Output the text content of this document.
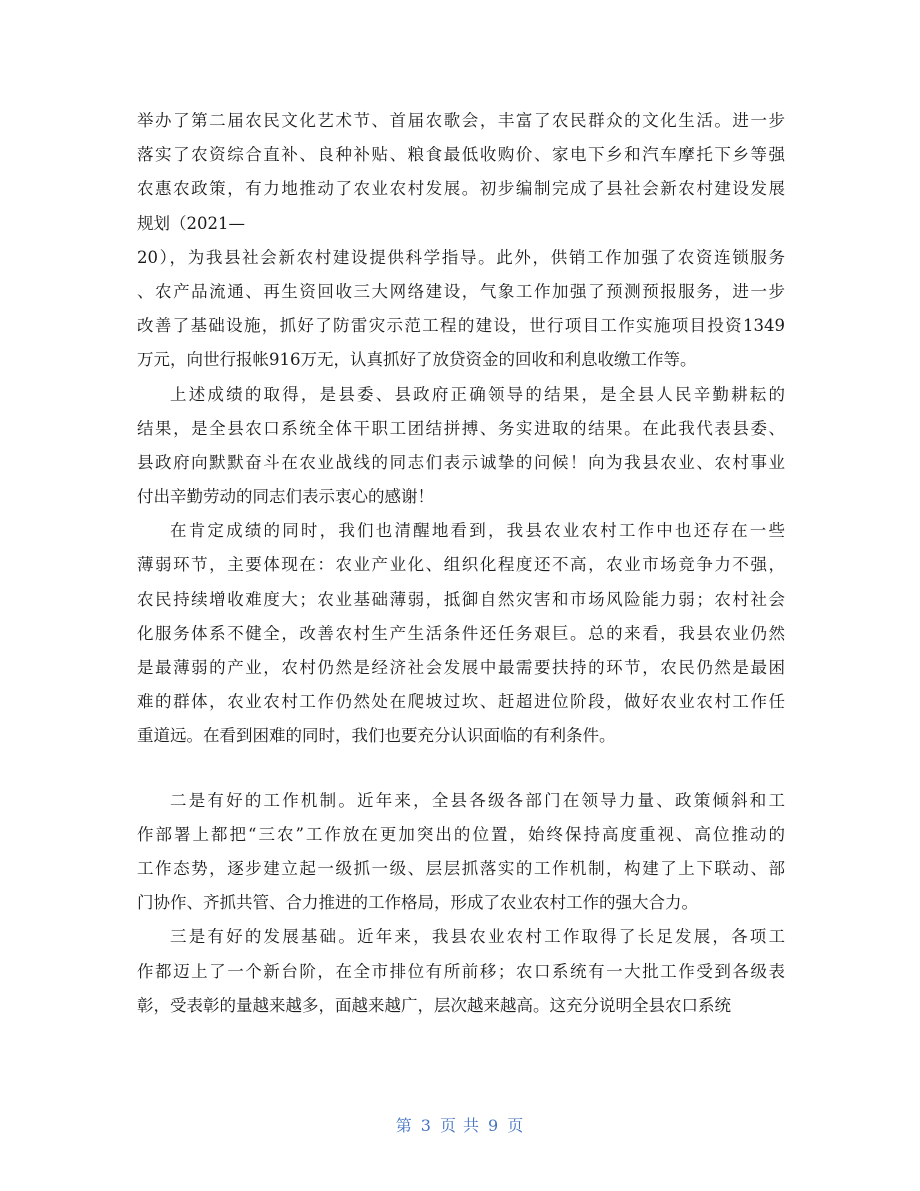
举办了第二届农民文化艺术节、首届农歌会，丰富了农民群众的文化生活。进一步
落实了农资综合直补、良种补贴、粮食最低收购价、家电下乡和汽车摩托下乡等强
农惠农政策，有力地推动了农业农村发展。初步编制完成了县社会新农村建设发展
规划（2021—
20），为我县社会新农村建设提供科学指导。此外，供销工作加强了农资连锁服务
、农产品流通、再生资回收三大网络建设，气象工作加强了预测预报服务，进一步
改善了基础设施，抓好了防雷灾示范工程的建设，世行项目工作实施项目投资1349
万元，向世行报帐916万无，认真抓好了放贷资金的回收和利息收缴工作等。
上述成绩的取得，是县委、县政府正确领导的结果，是全县人民辛勤耕耘的
结果，是全县农口系统全体干职工团结拼搏、务实进取的结果。在此我代表县委、
县政府向默默奋斗在农业战线的同志们表示诚挚的问候！向为我县农业、农村事业
付出辛勤劳动的同志们表示衷心的感谢！
在肯定成绩的同时，我们也清醒地看到，我县农业农村工作中也还存在一些
薄弱环节，主要体现在：农业产业化、组织化程度还不高，农业市场竞争力不强，
农民持续增收难度大；农业基础薄弱，抵御自然灾害和市场风险能力弱；农村社会
化服务体系不健全，改善农村生产生活条件还任务艰巨。总的来看，我县农业仍然
是最薄弱的产业，农村仍然是经济社会发展中最需要扶持的环节，农民仍然是最困
难的群体，农业农村工作仍然处在爬坡过坎、赶超进位阶段，做好农业农村工作任
重道远。在看到困难的同时，我们也要充分认识面临的有利条件。
二是有好的工作机制。近年来，全县各级各部门在领导力量、政策倾斜和工
作部署上都把“三农”工作放在更加突出的位置，始终保持高度重视、高位推动的
工作态势，逐步建立起一级抓一级、层层抓落实的工作机制，构建了上下联动、部
门协作、齐抓共管、合力推进的工作格局，形成了农业农村工作的强大合力。
三是有好的发展基础。近年来，我县农业农村工作取得了长足发展，各项工
作都迈上了一个新台阶，在全市排位有所前移；农口系统有一大批工作受到各级表
彰，受表彰的量越来越多，面越来越广，层次越来越高。这充分说明全县农口系统
第 3 页 共 9 页
